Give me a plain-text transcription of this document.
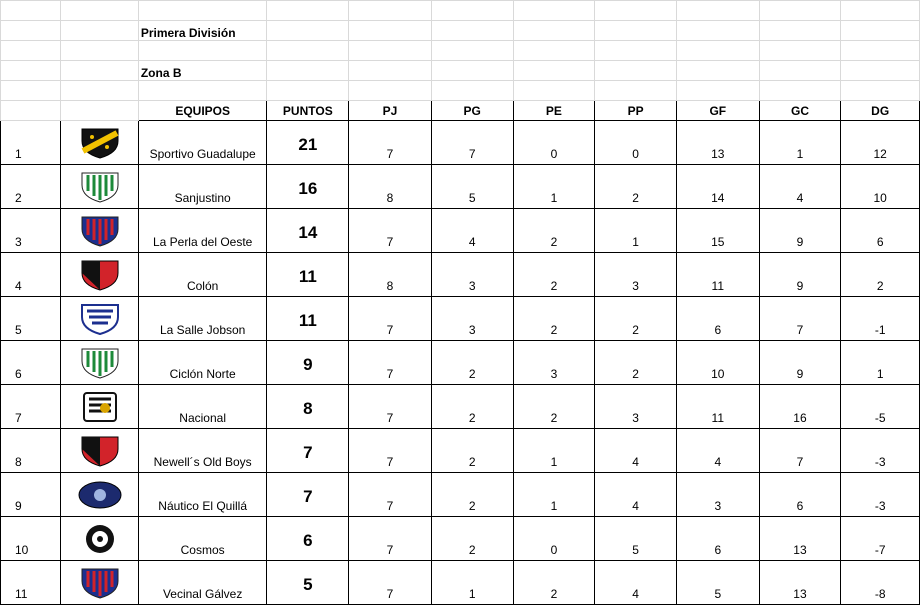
		Primera División								

		Zona B								

		EQUIPOS	PUNTOS	PJ	PG	PE	PP	GF	GC	DG
1		Sportivo Guadalupe	21	7	7	0	0	13	1	12
2		Sanjustino	16	8	5	1	2	14	4	10
3		La Perla del Oeste	14	7	4	2	1	15	9	6
4		Colón	11	8	3	2	3	11	9	2
5		La Salle Jobson	11	7	3	2	2	6	7	-1
6		Ciclón Norte	9	7	2	3	2	10	9	1
7		Nacional	8	7	2	2	3	11	16	-5
8		Newell´s Old Boys	7	7	2	1	4	4	7	-3
9		Náutico El Quillá	7	7	2	1	4	3	6	-3
10		Cosmos	6	7	2	0	5	6	13	-7
11		Vecinal Gálvez	5	7	1	2	4	5	13	-8
